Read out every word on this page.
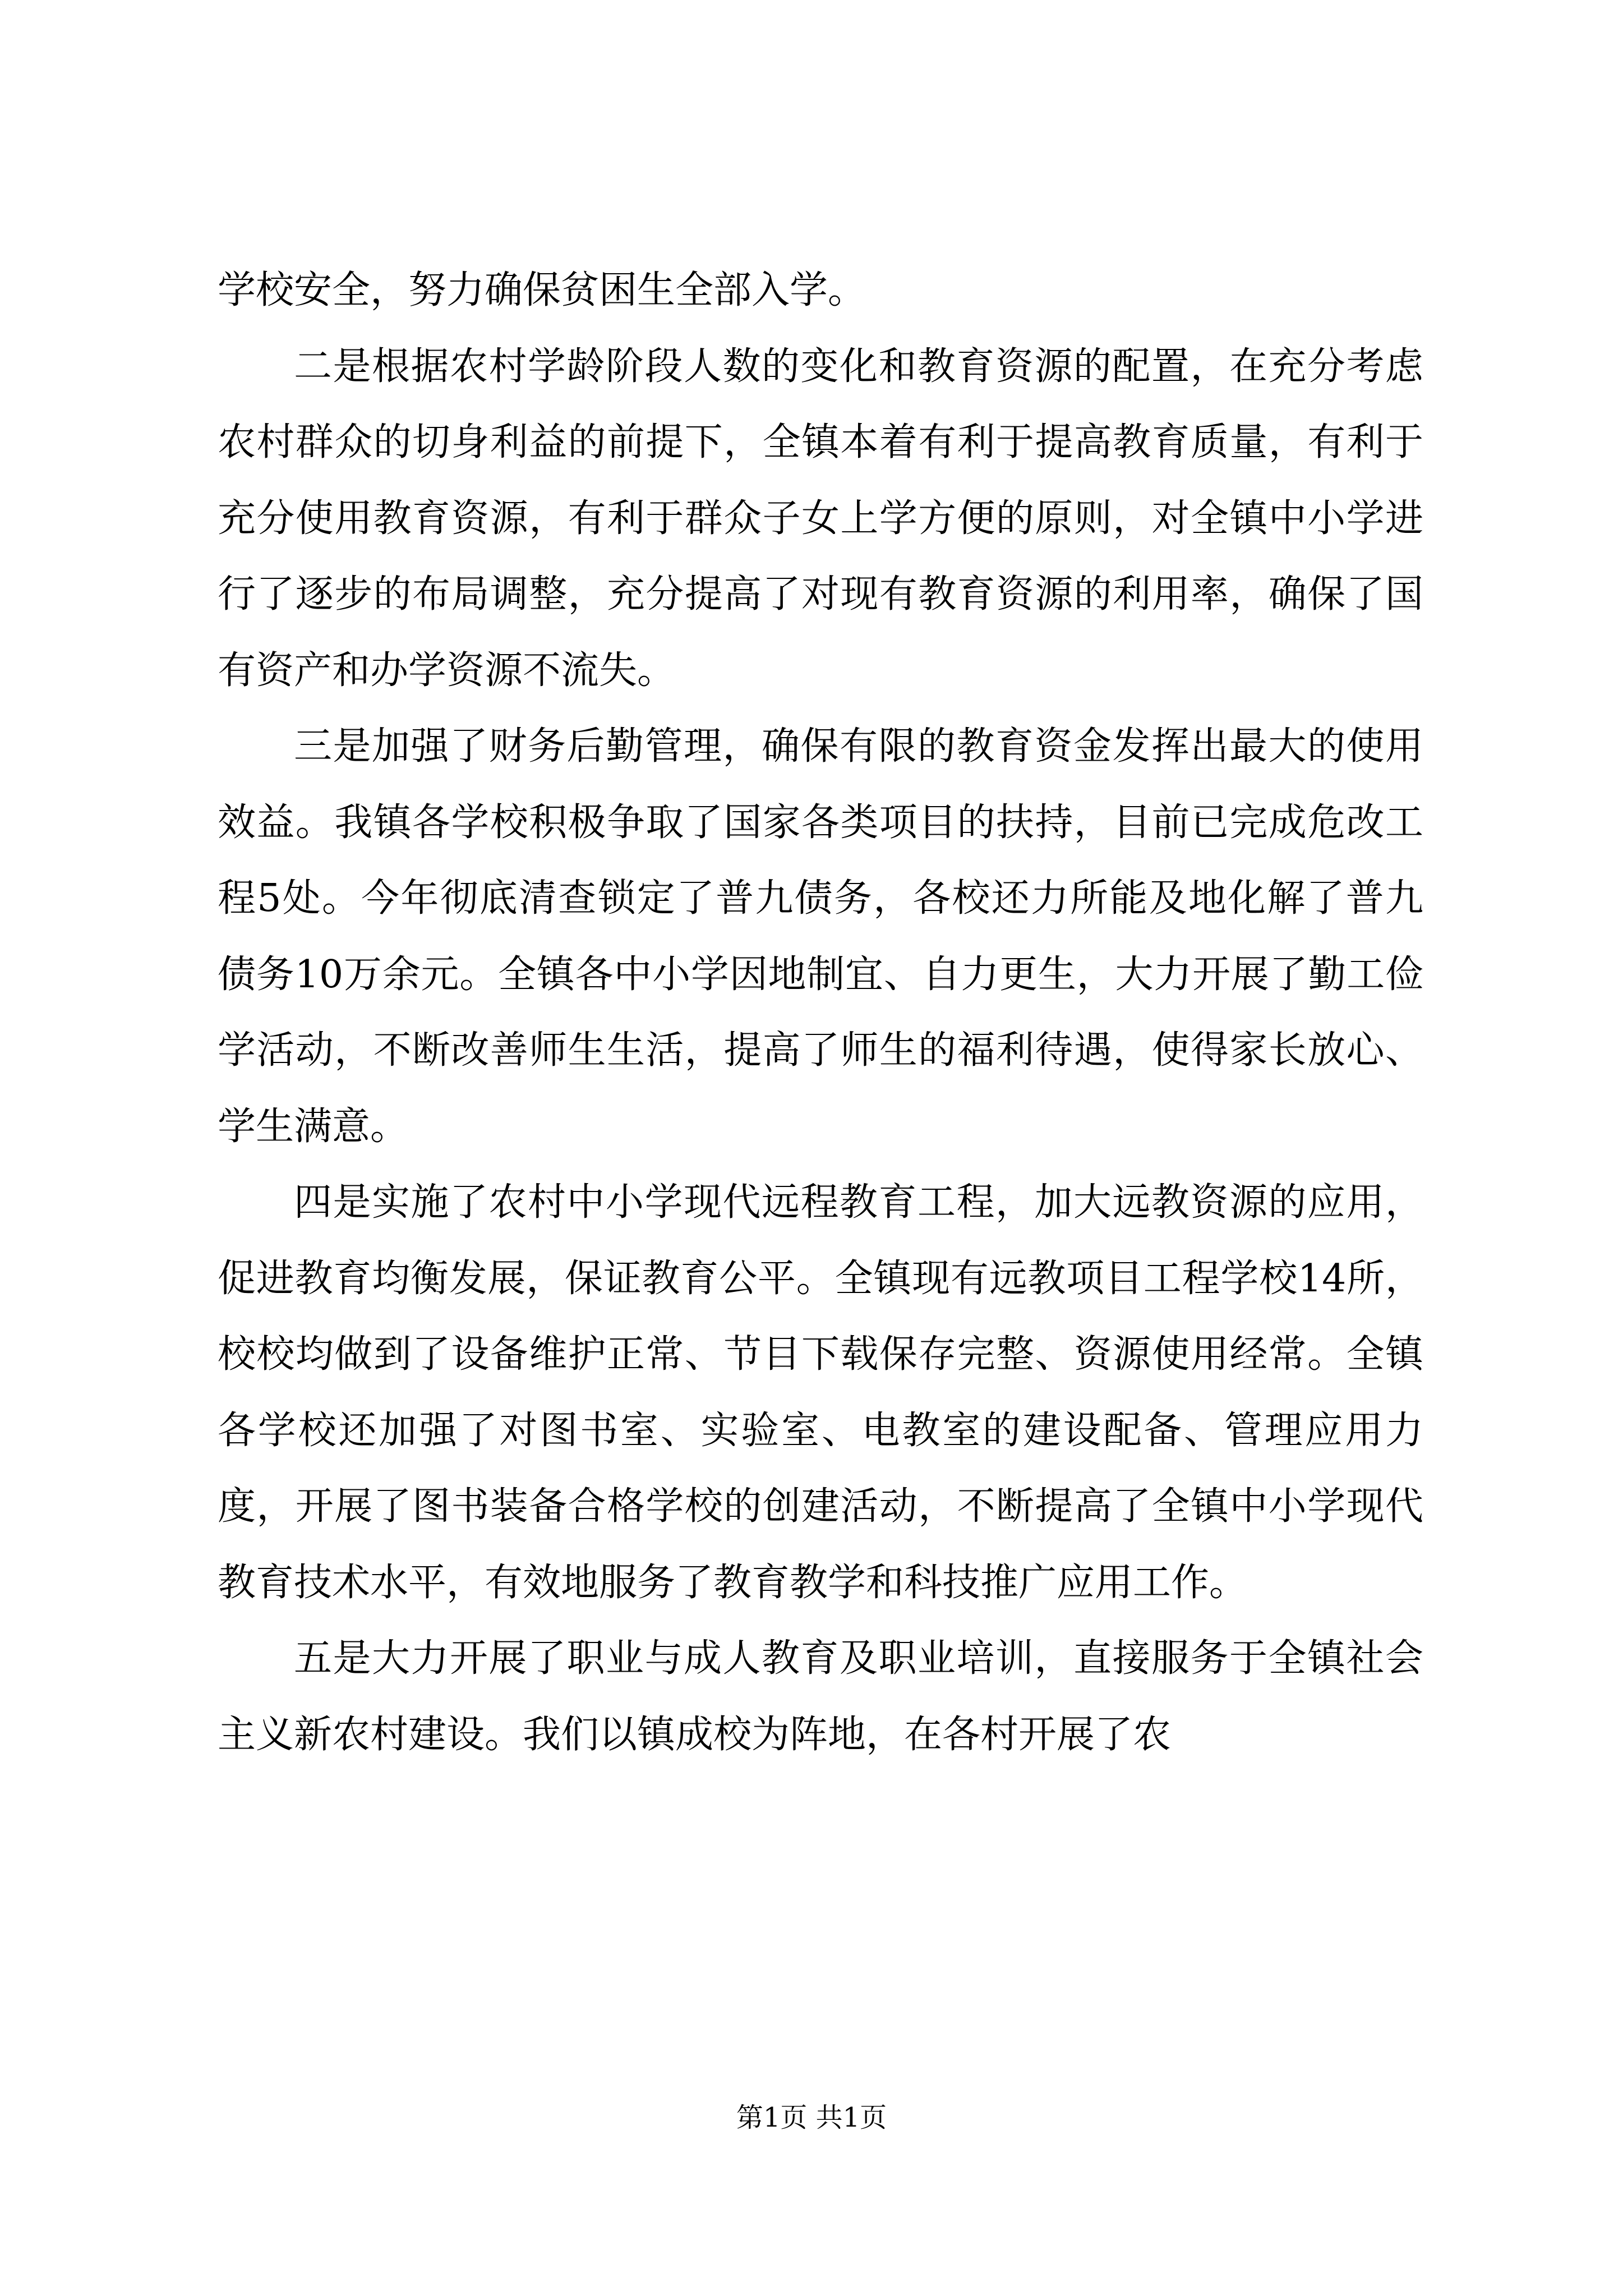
学校安全，努力确保贫困生全部入学。

二是根据农村学龄阶段人数的变化和教育资源的配置，在充分考虑农村群众的切身利益的前提下，全镇本着有利于提高教育质量，有利于充分使用教育资源，有利于群众子女上学方便的原则，对全镇中小学进行了逐步的布局调整，充分提高了对现有教育资源的利用率，确保了国有资产和办学资源不流失。

三是加强了财务后勤管理，确保有限的教育资金发挥出最大的使用效益。我镇各学校积极争取了国家各类项目的扶持，目前已完成危改工程5处。今年彻底清查锁定了普九债务，各校还力所能及地化解了普九债务10万余元。全镇各中小学因地制宜、自力更生，大力开展了勤工俭学活动，不断改善师生生活，提高了师生的福利待遇，使得家长放心、学生满意。

四是实施了农村中小学现代远程教育工程，加大远教资源的应用，促进教育均衡发展，保证教育公平。全镇现有远教项目工程学校14所，校校均做到了设备维护正常、节目下载保存完整、资源使用经常。全镇各学校还加强了对图书室、实验室、电教室的建设配备、管理应用力度，开展了图书装备合格学校的创建活动，不断提高了全镇中小学现代教育技术水平，有效地服务了教育教学和科技推广应用工作。

五是大力开展了职业与成人教育及职业培训，直接服务于全镇社会主义新农村建设。我们以镇成校为阵地，在各村开展了农

第1页 共1页
